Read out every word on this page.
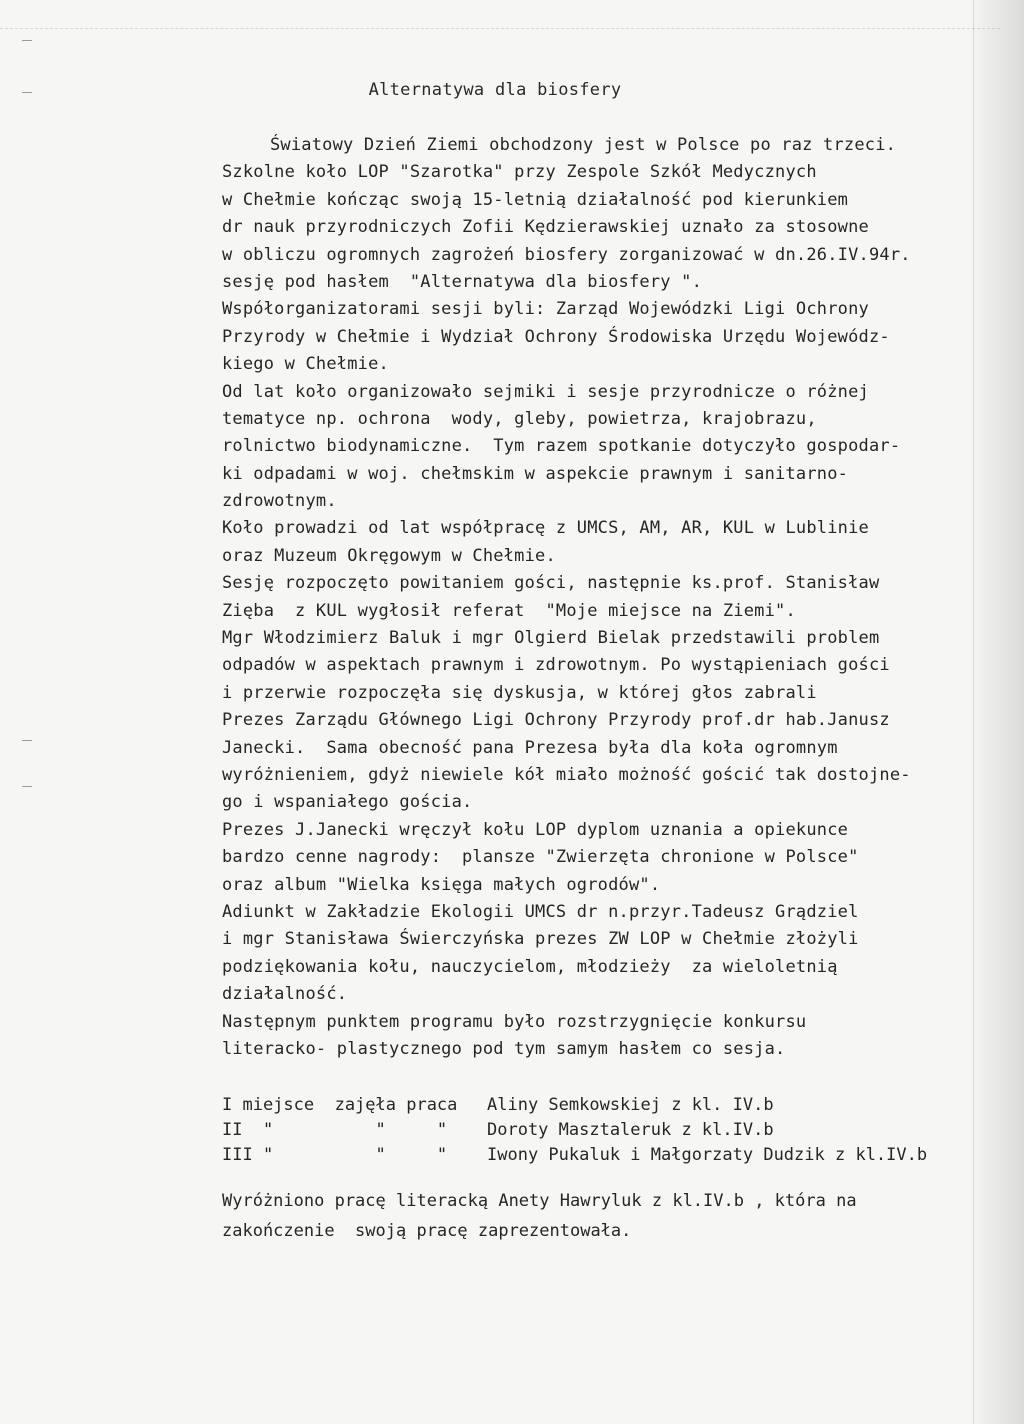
Alternatywa dla biosfery
Światowy Dzień Ziemi obchodzony jest w Polsce po raz trzeci.
Szkolne koło LOP "Szarotka" przy Zespole Szkół Medycznych
w Chełmie kończąc swoją 15-letnią działalność pod kierunkiem
dr nauk przyrodniczych Zofii Kędzierawskiej uznało za stosowne
w obliczu ogromnych zagrożeń biosfery zorganizować w dn.26.IV.94r.
sesję pod hasłem  "Alternatywa dla biosfery ".
Współorganizatorami sesji byli: Zarząd Wojewódzki Ligi Ochrony
Przyrody w Chełmie i Wydział Ochrony Środowiska Urzędu Wojewódz-
kiego w Chełmie.
Od lat koło organizowało sejmiki i sesje przyrodnicze o różnej
tematyce np. ochrona  wody, gleby, powietrza, krajobrazu,
rolnictwo biodynamiczne.  Tym razem spotkanie dotyczyło gospodar-
ki odpadami w woj. chełmskim w aspekcie prawnym i sanitarno-
zdrowotnym.
Koło prowadzi od lat współpracę z UMCS, AM, AR, KUL w Lublinie
oraz Muzeum Okręgowym w Chełmie.
Sesję rozpoczęto powitaniem gości, następnie ks.prof. Stanisław
Zięba  z KUL wygłosił referat  "Moje miejsce na Ziemi".
Mgr Włodzimierz Baluk i mgr Olgierd Bielak przedstawili problem
odpadów w aspektach prawnym i zdrowotnym. Po wystąpieniach gości
i przerwie rozpoczęła się dyskusja, w której głos zabrali
Prezes Zarządu Głównego Ligi Ochrony Przyrody prof.dr hab.Janusz
Janecki.  Sama obecność pana Prezesa była dla koła ogromnym
wyróżnieniem, gdyż niewiele kół miało możność gościć tak dostojne-
go i wspaniałego gościa.
Prezes J.Janecki wręczył kołu LOP dyplom uznania a opiekunce
bardzo cenne nagrody:  plansze "Zwierzęta chronione w Polsce"
oraz album "Wielka księga małych ogrodów".
Adiunkt w Zakładzie Ekologii UMCS dr n.przyr.Tadeusz Grądziel
i mgr Stanisława Świerczyńska prezes ZW LOP w Chełmie złożyli
podziękowania kołu, nauczycielom, młodzieży  za wieloletnią
działalność.
Następnym punktem programu było rozstrzygnięcie konkursu
literacko- plastycznego pod tym samym hasłem co sesja.
I miejsce  zajęła praca	Aliny Semkowskiej z kl. IV.b
II  "          "     "	Doroty Masztaleruk z kl.IV.b
III "          "     "	Iwony Pukaluk i Małgorzaty Dudzik z kl.IV.b
Wyróżniono pracę literacką Anety Hawryluk z kl.IV.b , która na
zakończenie  swoją pracę zaprezentowała.
